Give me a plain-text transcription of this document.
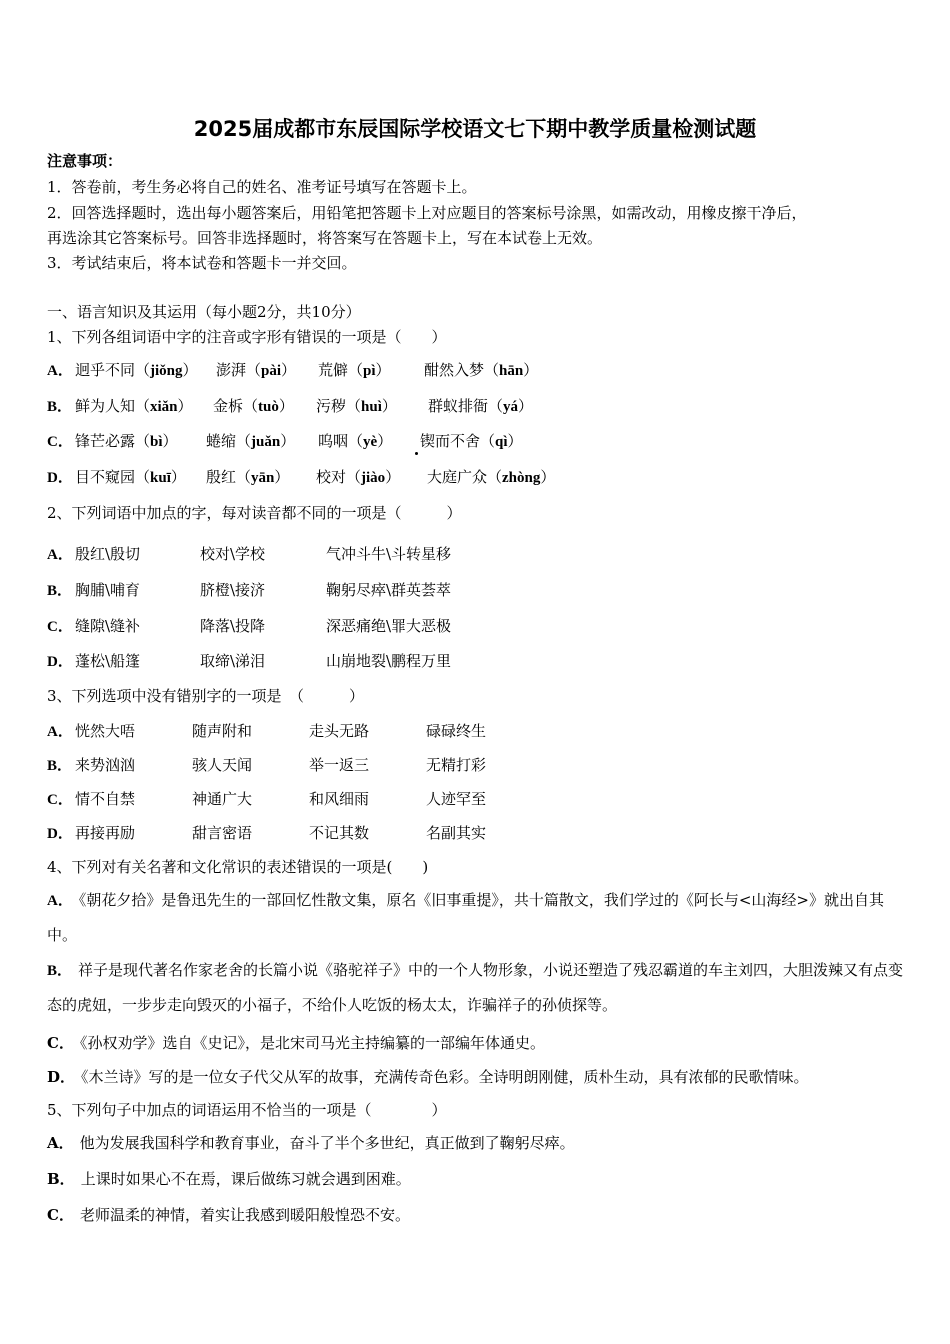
2025届成都市东辰国际学校语文七下期中教学质量检测试题
注意事项：
1．答卷前，考生务必将自己的姓名、准考证号填写在答题卡上。
2．回答选择题时，选出每小题答案后，用铅笔把答题卡上对应题目的答案标号涂黑，如需改动，用橡皮擦干净后，
再选涂其它答案标号。回答非选择题时，将答案写在答题卡上，写在本试卷上无效。
3．考试结束后，将本试卷和答题卡一并交回。
一、语言知识及其运用（每小题2分，共10分）
1、下列各组词语中字的注音或字形有错误的一项是（　　）
A． 迥乎不同（jiǒng） 澎湃（pài） 荒僻（pì） 酣然入梦（hān）
B． 鲜为人知（xiǎn） 金柝（tuò） 污秽（huì） 群蚁排衙（yá）
C． 锋芒必露（bì） 蜷缩（juǎn） 呜咽（yè） 锲而不舍（qì）
D． 目不窥园（kuī） 殷红（yān） 校对（jiào） 大庭广众（zhòng）
2、下列词语中加点的字，每对读音都不同的一项是（　　　）
A． 殷红\殷切	校对\学校	气冲斗牛\斗转星移
B． 胸脯\哺育	脐橙\接济	鞠躬尽瘁\群英荟萃
C． 缝隙\缝补	降落\投降	深恶痛绝\罪大恶极
D． 蓬松\船篷	取缔\涕泪	山崩地裂\鹏程万里
3、下列选项中没有错别字的一项是　（　　　）
A． 恍然大唔	随声附和	走头无路	碌碌终生
B． 来势汹汹	骇人天闻	举一返三	无精打彩
C． 情不自禁	神通广大	和风细雨	人迹罕至
D． 再接再励	甜言密语	不记其数	名副其实
4、下列对有关名著和文化常识的表述错误的一项是(　　)
A． 《朝花夕拾》是鲁迅先生的一部回忆性散文集，原名《旧事重提》，共十篇散文，我们学过的《阿长与<山海经>》就出自其中。
B． 祥子是现代著名作家老舍的长篇小说《骆驼祥子》中的一个人物形象，小说还塑造了残忍霸道的车主刘四，大胆泼辣又有点变态的虎妞，一步步走向毁灭的小福子，不给仆人吃饭的杨太太，诈骗祥子的孙侦探等。
C． 《孙权劝学》选自《史记》，是北宋司马光主持编纂的一部编年体通史。
D． 《木兰诗》写的是一位女子代父从军的故事，充满传奇色彩。全诗明朗刚健，质朴生动，具有浓郁的民歌情味。
5、下列句子中加点的词语运用不恰当的一项是（　　　　）
A． 他为发展我国科学和教育事业，奋斗了半个多世纪，真正做到了鞠躬尽瘁。
B． 上课时如果心不在焉，课后做练习就会遇到困难。
C． 老师温柔的神情，着实让我感到暖阳般惶恐不安。
